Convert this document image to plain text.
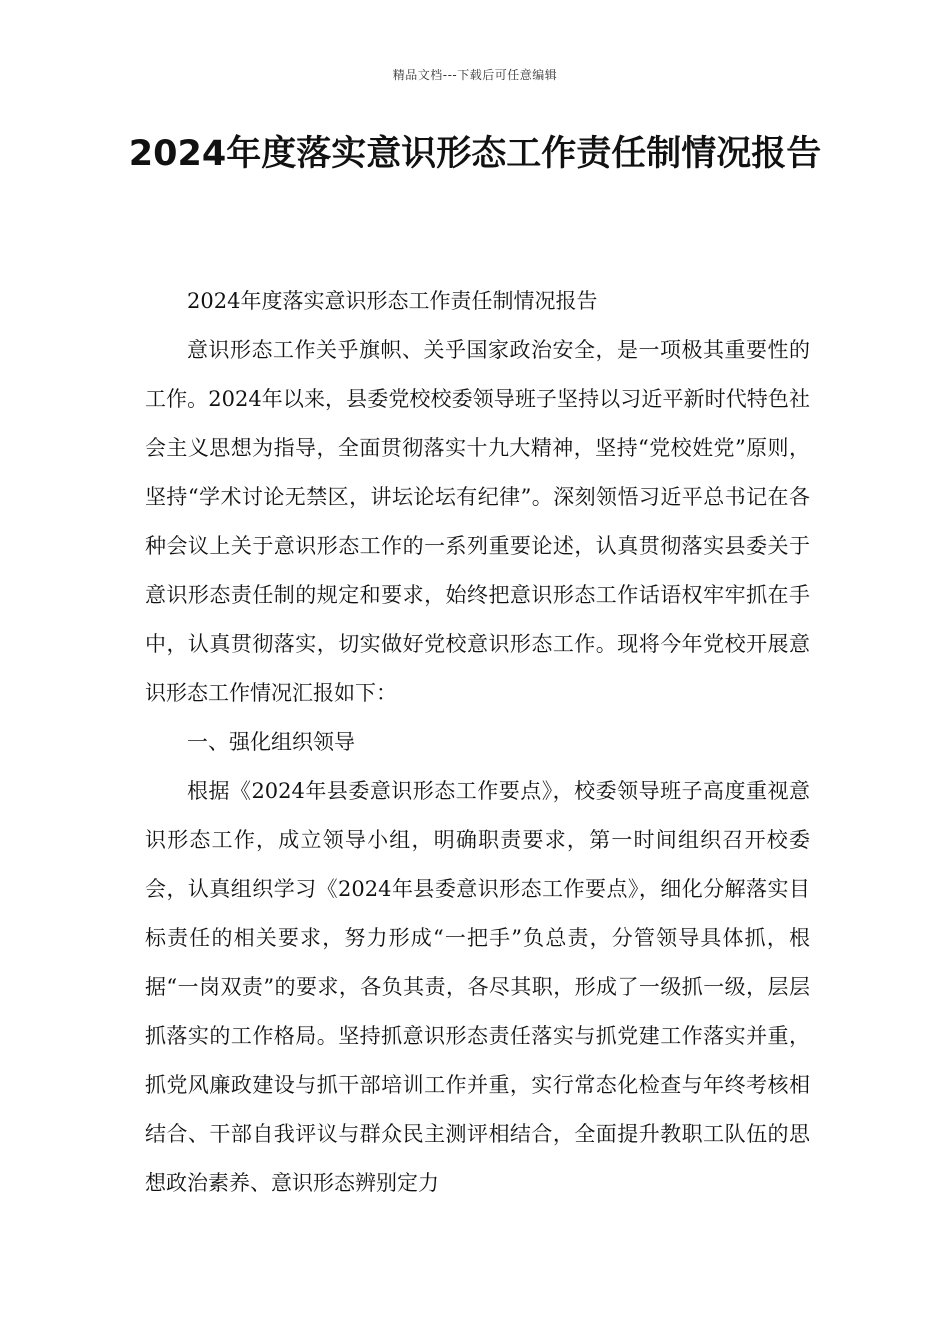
精品文档---下载后可任意编辑
2024年度落实意识形态工作责任制情况报告

2024年度落实意识形态工作责任制情况报告

意识形态工作关乎旗帜、关乎国家政治安全，是一项极其重要性的工作。2024年以来，县委党校校委领导班子坚持以习近平新时代特色社会主义思想为指导，全面贯彻落实十九大精神，坚持“党校姓党”原则，坚持“学术讨论无禁区，讲坛论坛有纪律”。深刻领悟习近平总书记在各种会议上关于意识形态工作的一系列重要论述，认真贯彻落实县委关于意识形态责任制的规定和要求，始终把意识形态工作话语权牢牢抓在手中，认真贯彻落实，切实做好党校意识形态工作。现将今年党校开展意识形态工作情况汇报如下：

一、强化组织领导

根据《2024年县委意识形态工作要点》，校委领导班子高度重视意识形态工作，成立领导小组，明确职责要求，第一时间组织召开校委会，认真组织学习《2024年县委意识形态工作要点》，细化分解落实目标责任的相关要求，努力形成“一把手”负总责，分管领导具体抓，根据“一岗双责”的要求，各负其责，各尽其职，形成了一级抓一级，层层抓落实的工作格局。坚持抓意识形态责任落实与抓党建工作落实并重，抓党风廉政建设与抓干部培训工作并重，实行常态化检查与年终考核相结合、干部自我评议与群众民主测评相结合，全面提升教职工队伍的思想政治素养、意识形态辨别定力
